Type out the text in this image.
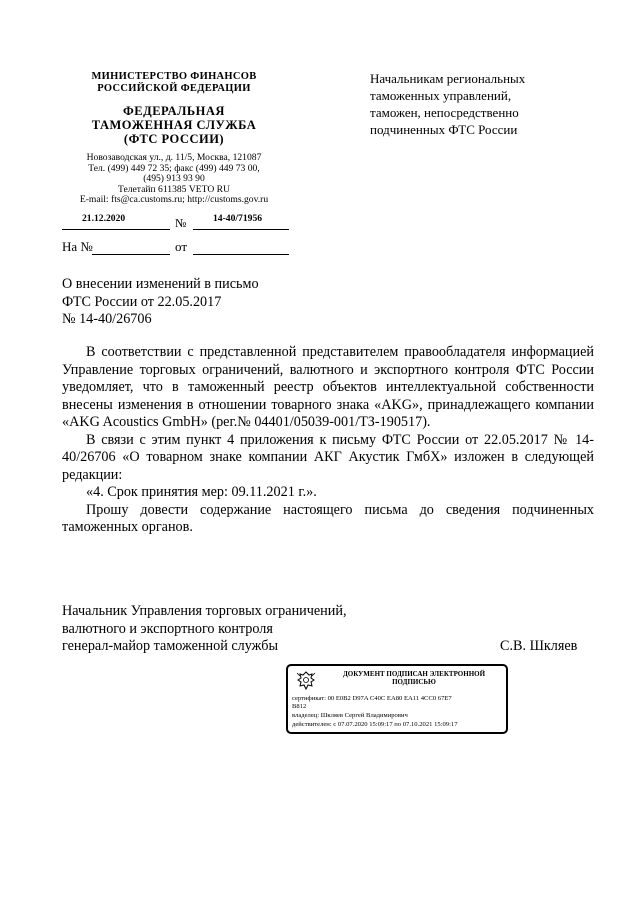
МИНИСТЕРСТВО ФИНАНСОВ
РОССИЙСКОЙ ФЕДЕРАЦИИ
ФЕДЕРАЛЬНАЯ
ТАМОЖЕННАЯ СЛУЖБА
(ФТС РОССИИ)
Новозаводская ул., д. 11/5, Москва, 121087
Тел. (499) 449 72 35; факс (499) 449 73 00,
(495) 913 93 90
Телетайп 611385 VETO RU
E-mail: fts@ca.customs.ru; http://customs.gov.ru
21.12.2020	№	14-40/71956
На №	от
Начальникам региональных
таможенных управлений,
таможен, непосредственно
подчиненных ФТС России
О внесении изменений в письмо
ФТС России от 22.05.2017
№ 14-40/26706

В соответствии с представленной представителем правообладателя информацией Управление торговых ограничений, валютного и экспортного контроля ФТС России уведомляет, что в таможенный реестр объектов интеллектуальной собственности внесены изменения в отношении товарного знака «AKG», принадлежащего компании «AKG Acoustics GmbH» (рег.№ 04401/05039-001/ТЗ-190517).

В связи с этим пункт 4 приложения к письму ФТС России от 22.05.2017 № 14-40/26706 «О товарном знаке компании АКГ Акустик ГмбХ» изложен в следующей редакции:

«4. Срок принятия мер: 09.11.2021 г.».

Прошу довести содержание настоящего письма до сведения подчиненных таможенных органов.

Начальник Управления торговых ограничений,
валютного и экспортного контроля
генерал-майор таможенной службы	С.В. Шкляев
ДОКУМЕНТ ПОДПИСАН ЭЛЕКТРОННОЙ ПОДПИСЬЮ
сертификат: 00 E0B2 D97A C40C EA80 EA11 4CC0 67E7
B812
владелец: Шкляев Сергей Владимирович
действителен: с 07.07.2020 15:09:17 по 07.10.2021 15:09:17
